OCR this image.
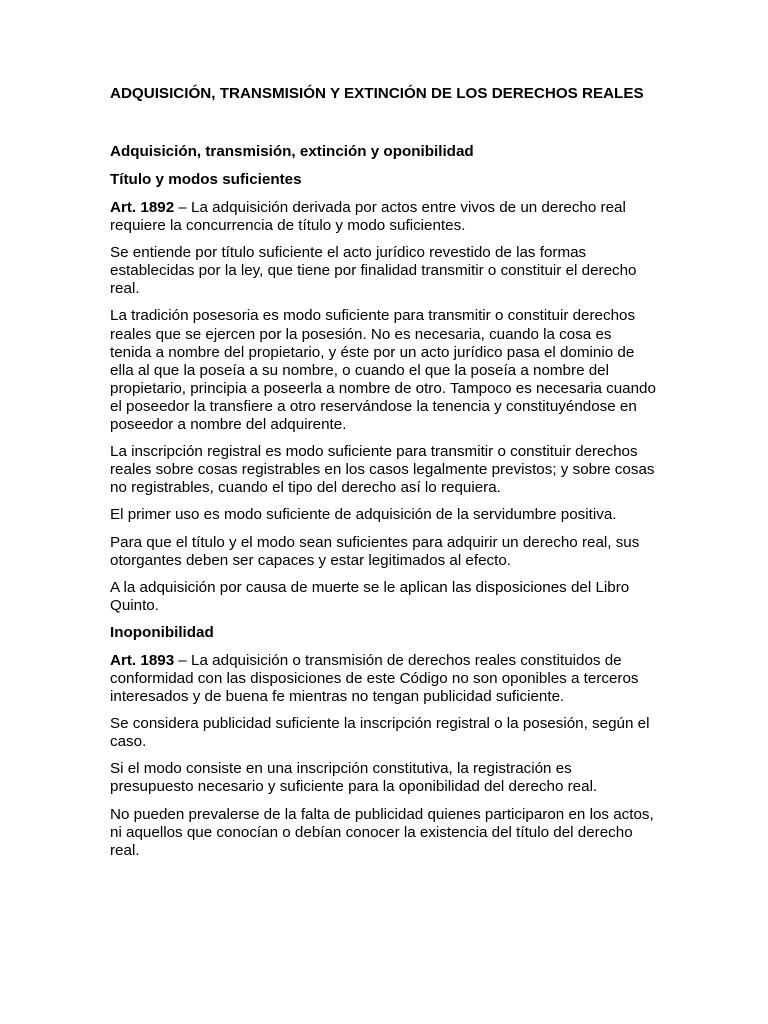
ADQUISICIÓN, TRANSMISIÓN Y EXTINCIÓN DE LOS DERECHOS REALES
Adquisición, transmisión, extinción y oponibilidad
Título y modos suficientes

Art. 1892 – La adquisición derivada por actos entre vivos de un derecho real requiere la concurrencia de título y modo suficientes.

Se entiende por título suficiente el acto jurídico revestido de las formas establecidas por la ley, que tiene por finalidad transmitir o constituir el derecho real.

La tradición posesoria es modo suficiente para transmitir o constituir derechos reales que se ejercen por la posesión. No es necesaria, cuando la cosa es tenida a nombre del propietario, y éste por un acto jurídico pasa el dominio de ella al que la poseía a su nombre, o cuando el que la poseía a nombre del propietario, principia a poseerla a nombre de otro. Tampoco es necesaria cuando el poseedor la transfiere a otro reservándose la tenencia y constituyéndose en poseedor a nombre del adquirente.

La inscripción registral es modo suficiente para transmitir o constituir derechos reales sobre cosas registrables en los casos legalmente previstos; y sobre cosas no registrables, cuando el tipo del derecho así lo requiera.

El primer uso es modo suficiente de adquisición de la servidumbre positiva.

Para que el título y el modo sean suficientes para adquirir un derecho real, sus otorgantes deben ser capaces y estar legitimados al efecto.

A la adquisición por causa de muerte se le aplican las disposiciones del Libro Quinto.

Inoponibilidad

Art. 1893 – La adquisición o transmisión de derechos reales constituidos de conformidad con las disposiciones de este Código no son oponibles a terceros interesados y de buena fe mientras no tengan publicidad suficiente.

Se considera publicidad suficiente la inscripción registral o la posesión, según el caso.

Si el modo consiste en una inscripción constitutiva, la registración es presupuesto necesario y suficiente para la oponibilidad del derecho real.

No pueden prevalerse de la falta de publicidad quienes participaron en los actos, ni aquellos que conocían o debían conocer la existencia del título del derecho real.
